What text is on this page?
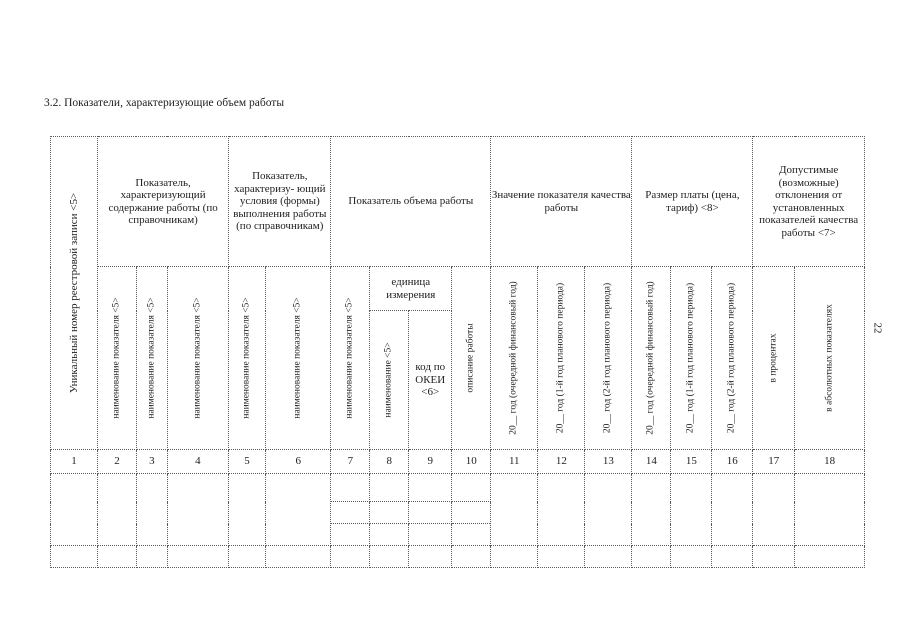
3.2. Показатели, характеризующие объем работы
22
Уникальный номер реестровой записи <5>	Показатель, характеризующий содержание работы (по справочникам)			Показатель, характеризу- ющий условия (формы) выполнения работы (по справочникам)		Показатель объема работы				Значение показателя качества работы			Размер платы (цена, тариф) <8>			Допустимые (возможные) отклонения от установленных показателей качества работы <7>	

	наименование показателя <5>	наименование показателя <5>	наименование показателя <5>	наименование показателя <5>	наименование показателя <5>	наименование показателя <5>	единица измерения		описание работы	20__ год (очередной финансовый год)	20__ год (1-й год планового периода)	20__ год (2-й год планового периода)	20__ год (очередной финансовый год)	20__ год (1-й год планового периода)	20__ год (2-й год планового периода)	в процентах	в абсолютных показателях

							наименование <5>	код по ОКЕИ <6>									
1	2	3	4	5	6	7	8	9	10	11	12	13	14	15	16	17	18
